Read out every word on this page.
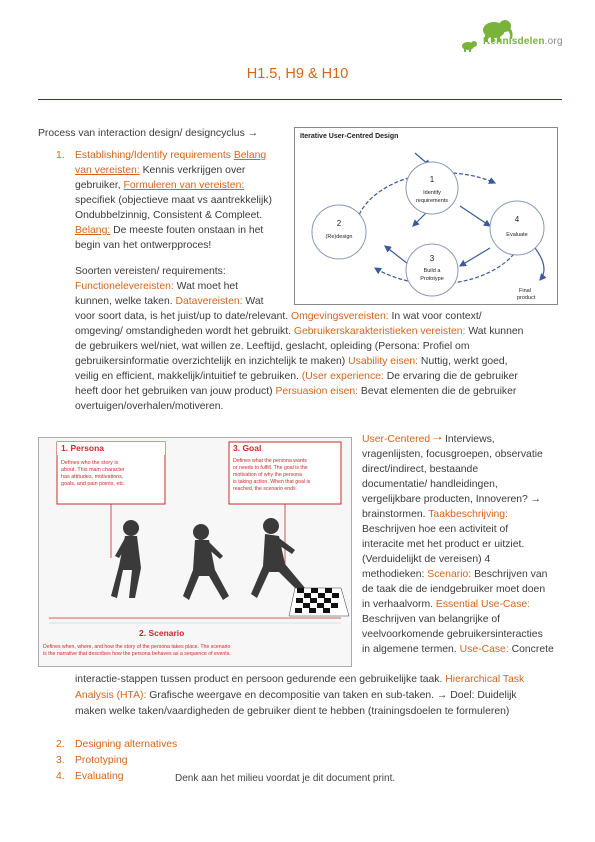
Kennisdelen.org
H1.5, H9 & H10
Process van interaction design/ designcyclus →
1. Establishing/Identify requirements Belang
van vereisten: Kennis verkrijgen over
gebruiker, Formuleren van vereisten:
specifiek (objectieve maat vs aantrekkelijk)
Ondubbelzinnig, Consistent & Compleet.
Belang: De meeste fouten onstaan in het
begin van het ontwerpproces!
Soorten vereisten/ requirements:
Functionelevereisten: Wat moet het
kunnen, welke taken. Datavereisten: Wat
voor soort data, is het juist/up to date/relevant. Omgevingsvereisten: In wat voor context/
omgeving/ omstandigheden wordt het gebruikt. Gebruikerskarakteristieken vereisten: Wat kunnen
de gebruikers wel/niet, wat willen ze. Leeftijd, geslacht, opleiding (Persona: Profiel om
gebruikersinformatie overzichtelijk en inzichtelijk te maken) Usability eisen: Nuttig, werkt goed,
veilig en efficient, makkelijk/intuitief te gebruiken. (User experience: De ervaring die de gebruiker
heeft door het gebruiken van jouw product) Persuasion eisen: Bevat elementen die de gebruiker
overtuigen/overhalen/motiveren.
Iterative User-Centred Design
1
Identify
requirements
2
(Re)design
4
Evaluate
3
Build a
Prototype
Final
product
1. Persona
Defines who the story is
about. This main character
has attitudes, motivations,
goals, and pain points, etc.
3. Goal
Defines what the persona wants
or needs to fulfill. The goal is the
motivation of why the persona
is taking action. When that goal is
reached, the scenario ends.
2. Scenario
Defines when, where, and how the story of the persona takes place. The scenario
is the narrative that describes how the persona behaves as a sequence of events.
User-Centered 🠒 Interviews,
vragenlijsten, focusgroepen, observatie
direct/indirect, bestaande
documentatie/ handleidingen,
vergelijkbare producten, Innoveren? →
brainstormen. Taakbeschrijving:
Beschrijven hoe een activiteit of
interacite met het product er uitziet.
(Verduidelijkt de vereisen) 4
methodieken: Scenario: Beschrijven van
de taak die de iendgebruiker moet doen
in verhaalvorm. Essential Use-Case:
Beschrijven van belangrijke of
veelvoorkomende gebruikersinteracties
in algemene termen. Use-Case: Concrete
interactie-stappen tussen product en persoon gedurende een gebruikelijke taak. Hierarchical Task
Analysis (HTA): Grafische weergave en decompositie van taken en sub-taken. → Doel: Duidelijk
maken welke taken/vaardigheden de gebruiker dient te hebben (trainingsdoelen te formuleren)
2. Designing alternatives
3. Prototyping
4. Evaluating	Denk aan het milieu voordat je dit document print.
